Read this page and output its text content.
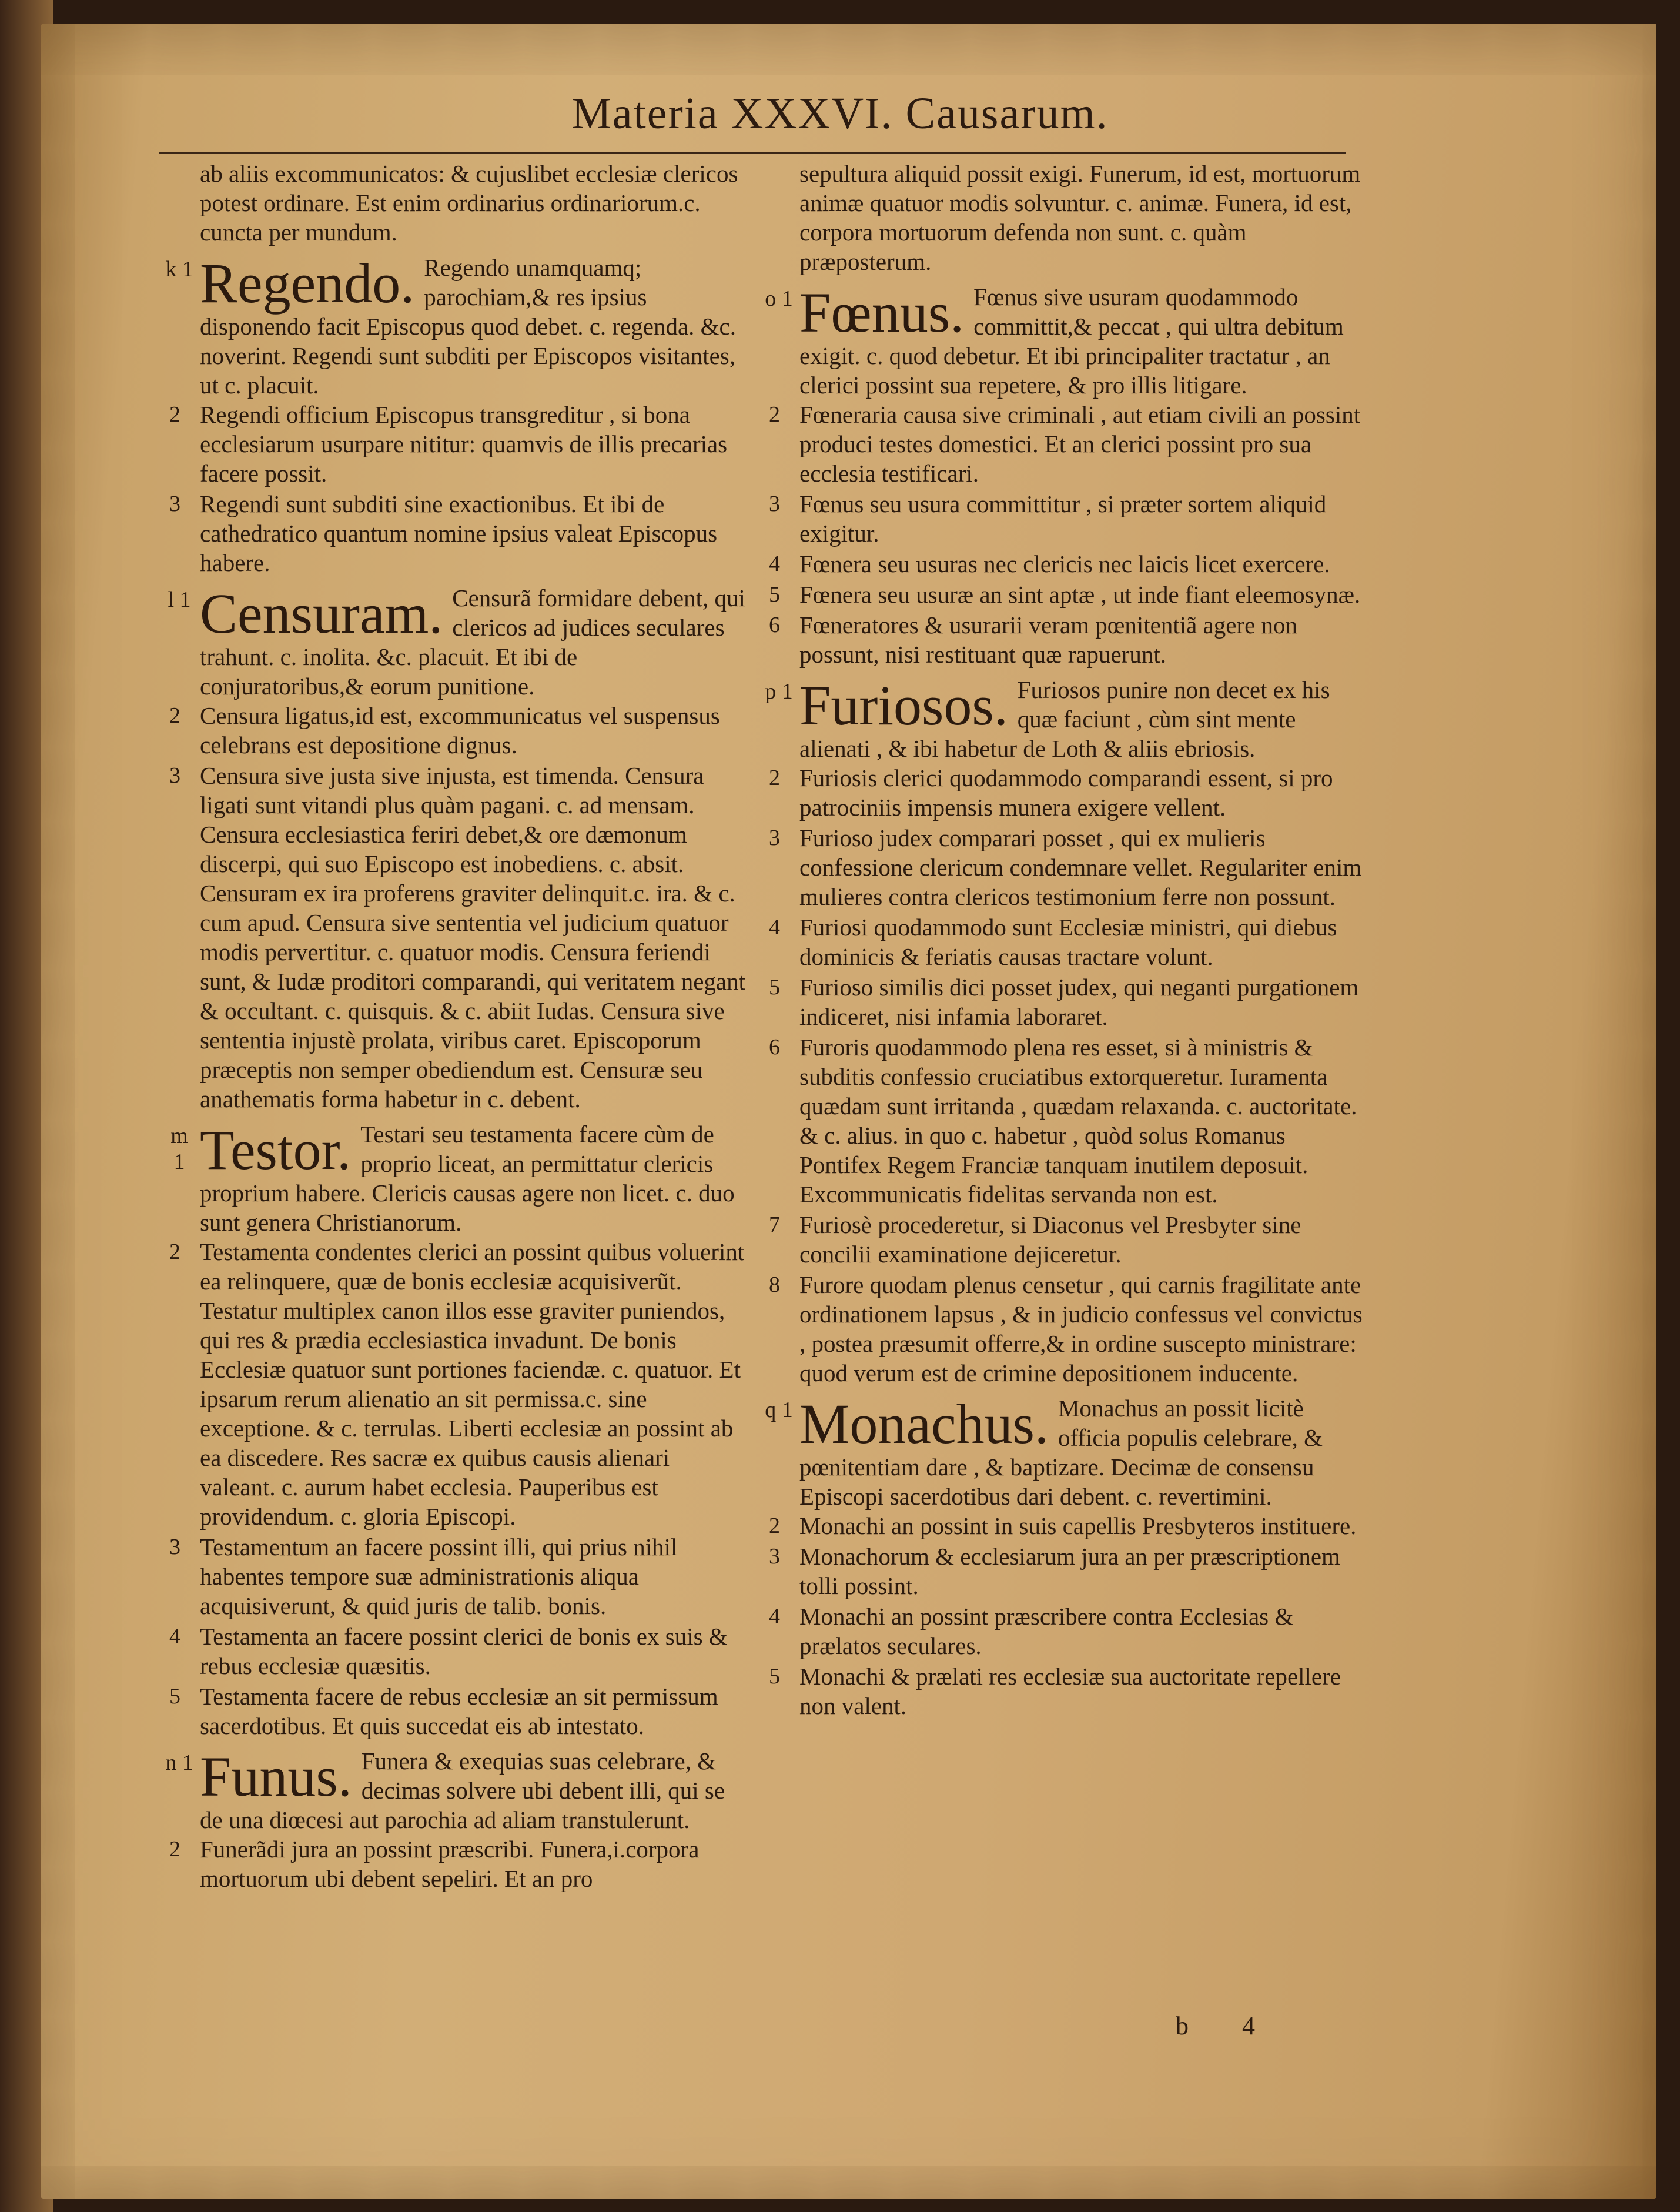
Materia XXXVI. Causarum.
ab aliis excommunicatos: & cujuslibet ecclesiæ clericos potest ordinare. Est enim ordinarius ordinariorum.c. cuncta per mundum.
k 1 Regendo. Regendo unamquamq; parochiam,& res ipsius disponendo facit Episcopus quod debet. c. regenda. &c. noverint. Regendi sunt subditi per Episcopos visitantes, ut c. placuit.
2 Regendi officium Episcopus transgreditur , si bona ecclesiarum usurpare nititur: quamvis de illis precarias facere possit.
3 Regendi sunt subditi sine exactionibus. Et ibi de cathedratico quantum nomine ipsius valeat Episcopus habere.
l 1 Censuram. Censurã formidare debent, qui clericos ad judices seculares trahunt. c. inolita. &c. placuit. Et ibi de conjuratoribus,& eorum punitione.
2 Censura ligatus,id est, excommunicatus vel suspensus celebrans est depositione dignus.
3 Censura sive justa sive injusta, est timenda. Censura ligati sunt vitandi plus quàm pagani. c. ad mensam. Censura ecclesiastica feriri debet,& ore dæmonum discerpi, qui suo Episcopo est inobediens. c. absit. Censuram ex ira proferens graviter delinquit.c. ira. & c. cum apud. Censura sive sententia vel judicium quatuor modis pervertitur. c. quatuor modis. Censura feriendi sunt, & Iudæ proditori comparandi, qui veritatem negant & occultant. c. quisquis. & c. abiit Iudas. Censura sive sententia injustè prolata, viribus caret. Episcoporum præceptis non semper obediendum est. Censuræ seu anathematis forma habetur in c. debent.
m 1 Testor. Testari seu testamenta facere cùm de proprio liceat, an permittatur clericis proprium habere. Clericis causas agere non licet. c. duo sunt genera Christianorum.
2 Testamenta condentes clerici an possint quibus voluerint ea relinquere, quæ de bonis ecclesiæ acquisiverũt. Testatur multiplex canon illos esse graviter puniendos, qui res & prædia ecclesiastica invadunt. De bonis Ecclesiæ quatuor sunt portiones faciendæ. c. quatuor. Et ipsarum rerum alienatio an sit permissa.c. sine exceptione. & c. terrulas. Liberti ecclesiæ an possint ab ea discedere. Res sacræ ex quibus causis alienari valeant. c. aurum habet ecclesia. Pauperibus est providendum. c. gloria Episcopi.
3 Testamentum an facere possint illi, qui prius nihil habentes tempore suæ administrationis aliqua acquisiverunt, & quid juris de talib. bonis.
4 Testamenta an facere possint clerici de bonis ex suis & rebus ecclesiæ quæsitis.
5 Testamenta facere de rebus ecclesiæ an sit permissum sacerdotibus. Et quis succedat eis ab intestato.
n 1 Funus. Funera & exequias suas celebrare, & decimas solvere ubi debent illi, qui se de una diœcesi aut parochia ad aliam transtulerunt.
2 Funerãdi jura an possint præscribi. Funera,i.corpora mortuorum ubi debent sepeliri. Et an pro
sepultura aliquid possit exigi. Funerum, id est, mortuorum animæ quatuor modis solvuntur. c. animæ. Funera, id est, corpora mortuorum defenda non sunt. c. quàm præposterum.
o 1 Fœnus. Fœnus sive usuram quodammodo committit,& peccat , qui ultra debitum exigit. c. quod debetur. Et ibi principaliter tractatur , an clerici possint sua repetere, & pro illis litigare.
2 Fœneraria causa sive criminali , aut etiam civili an possint produci testes domestici. Et an clerici possint pro sua ecclesia testificari.
3 Fœnus seu usura committitur , si præter sortem aliquid exigitur.
4 Fœnera seu usuras nec clericis nec laicis licet exercere.
5 Fœnera seu usuræ an sint aptæ , ut inde fiant eleemosynæ.
6 Fœneratores & usurarii veram pœnitentiã agere non possunt, nisi restituant quæ rapuerunt.
p 1 Furiosos. Furiosos punire non decet ex his quæ faciunt , cùm sint mente alienati , & ibi habetur de Loth & aliis ebriosis.
2 Furiosis clerici quodammodo comparandi essent, si pro patrociniis impensis munera exigere vellent.
3 Furioso judex comparari posset , qui ex mulieris confessione clericum condemnare vellet. Regulariter enim mulieres contra clericos testimonium ferre non possunt.
4 Furiosi quodammodo sunt Ecclesiæ ministri, qui diebus dominicis & feriatis causas tractare volunt.
5 Furioso similis dici posset judex, qui neganti purgationem indiceret, nisi infamia laboraret.
6 Furoris quodammodo plena res esset, si à ministris & subditis confessio cruciatibus extorqueretur. Iuramenta quædam sunt irritanda , quædam relaxanda. c. auctoritate. & c. alius. in quo c. habetur , quòd solus Romanus Pontifex Regem Franciæ tanquam inutilem deposuit. Excommunicatis fidelitas servanda non est.
7 Furiosè procederetur, si Diaconus vel Presbyter sine concilii examinatione dejiceretur.
8 Furore quodam plenus censetur , qui carnis fragilitate ante ordinationem lapsus , & in judicio confessus vel convictus , postea præsumit offerre,& in ordine suscepto ministrare: quod verum est de crimine depositionem inducente.
q 1 Monachus. Monachus an possit licitè officia populis celebrare, & pœnitentiam dare , & baptizare. Decimæ de consensu Episcopi sacerdotibus dari debent. c. revertimini.
2 Monachi an possint in suis capellis Presbyteros instituere.
3 Monachorum & ecclesiarum jura an per præscriptionem tolli possint.
4 Monachi an possint præscribere contra Ecclesias & prælatos seculares.
5 Monachi & prælati res ecclesiæ sua auctoritate repellere non valent.
b 4
